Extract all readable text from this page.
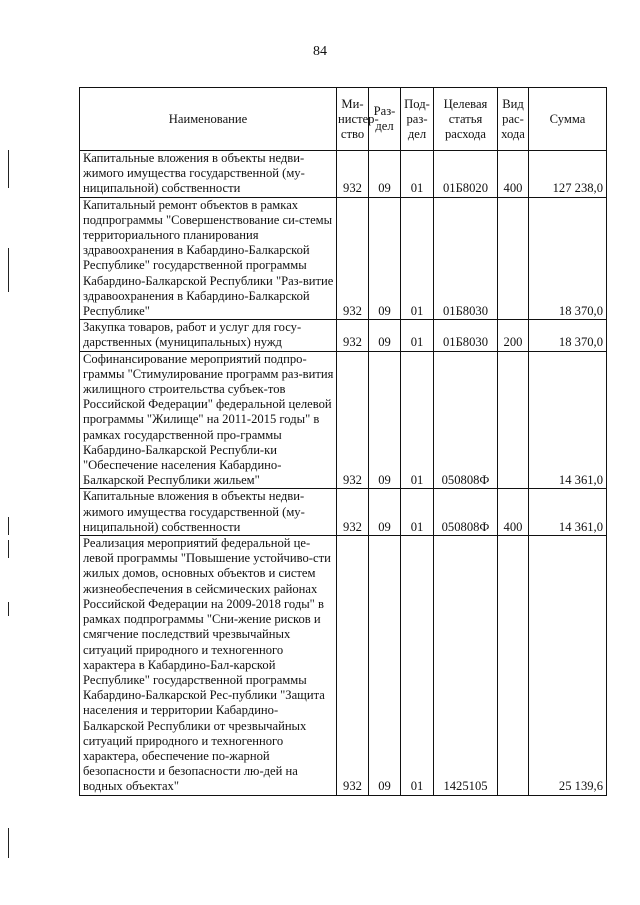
84
Наименование	Ми-нистер-ство	Раз-дел	Под-раз-дел	Целевая статья расхода	Вид рас-хода	Сумма
Капитальные вложения в объекты недви-жимого имущества государственной (му-ниципальной) собственности	932	09	01	01Б8020	400	127 238,0
Капитальный ремонт объектов в рамках подпрограммы "Совершенствование си-стемы территориального планирования здравоохранения в Кабардино-Балкарской Республике" государственной программы Кабардино-Балкарской Республики "Раз-витие здравоохранения в Кабардино-Балкарской Республике"	932	09	01	01Б8030		18 370,0
Закупка товаров, работ и услуг для госу-дарственных (муниципальных) нужд	932	09	01	01Б8030	200	18 370,0
Софинансирование мероприятий подпро-граммы "Стимулирование программ раз-вития жилищного строительства субъек-тов Российской Федерации" федеральной целевой программы "Жилище" на 2011-2015 годы" в рамках государственной про-граммы Кабардино-Балкарской Республи-ки "Обеспечение населения Кабардино-Балкарской Республики жильем"	932	09	01	050808Ф		14 361,0
Капитальные вложения в объекты недви-жимого имущества государственной (му-ниципальной) собственности	932	09	01	050808Ф	400	14 361,0
Реализация мероприятий федеральной це-левой программы "Повышение устойчиво-сти жилых домов, основных объектов и систем жизнеобеспечения в сейсмических районах Российской Федерации на 2009-2018 годы" в рамках подпрограммы "Сни-жение рисков и смягчение последствий чрезвычайных ситуаций природного и техногенного характера в Кабардино-Бал-карской Республике" государственной программы Кабардино-Балкарской Рес-публики "Защита населения и территории Кабардино-Балкарской Республики от чрезвычайных ситуаций природного и техногенного характера, обеспечение по-жарной безопасности и безопасности лю-дей на водных объектах"	932	09	01	1425105		25 139,6
